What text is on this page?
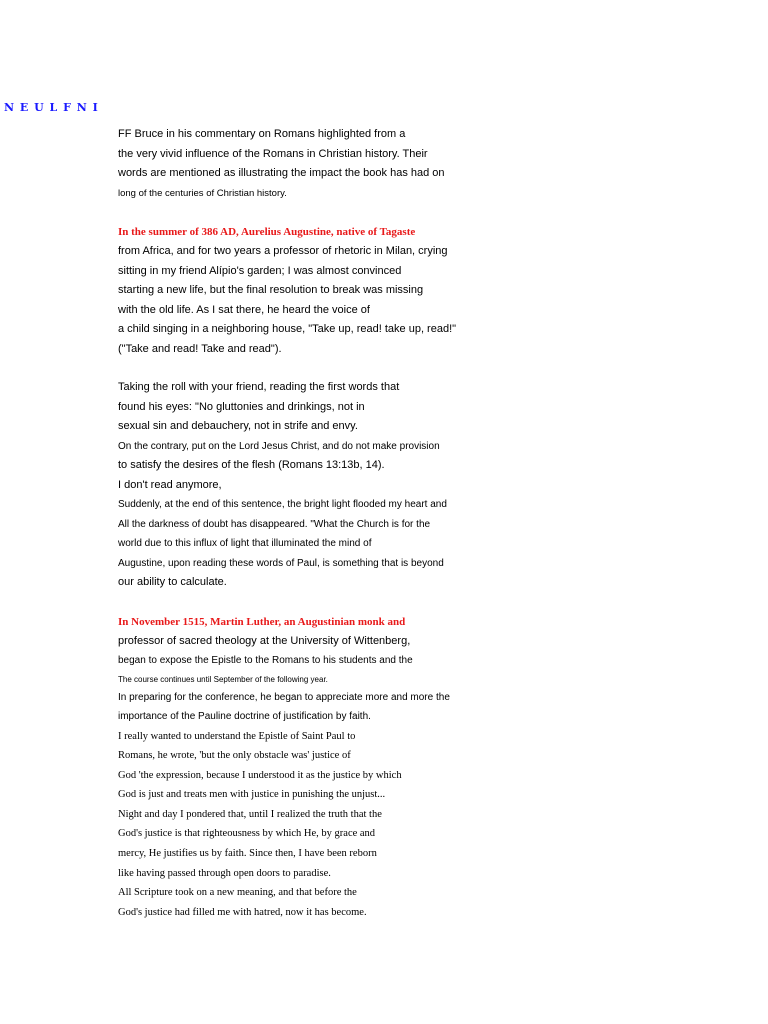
N E U L F N I
FF Bruce in his commentary on Romans highlighted from a
the very vivid influence of the Romans in Christian history. Their
words are mentioned as illustrating the impact the book has had on
long of the centuries of Christian history.
In the summer of 386 AD, Aurelius Augustine, native of Tagaste
from Africa, and for two years a professor of rhetoric in Milan, crying
sitting in my friend Alípio's garden; I was almost convinced
starting a new life, but the final resolution to break was missing
with the old life. As I sat there, he heard the voice of
a child singing in a neighboring house, "Take up, read! take up, read!"
("Take and read! Take and read").
Taking the roll with your friend, reading the first words that
found his eyes: "No gluttonies and drinkings, not in
sexual sin and debauchery, not in strife and envy.
On the contrary, put on the Lord Jesus Christ, and do not make provision
to satisfy the desires of the flesh (Romans 13:13b, 14).
I don't read anymore,
Suddenly, at the end of this sentence, the bright light flooded my heart and
All the darkness of doubt has disappeared. "What the Church is for the
world due to this influx of light that illuminated the mind of
Augustine, upon reading these words of Paul, is something that is beyond
our ability to calculate.
In November 1515, Martin Luther, an Augustinian monk and
professor of sacred theology at the University of Wittenberg,
began to expose the Epistle to the Romans to his students and the
The course continues until September of the following year.
In preparing for the conference, he began to appreciate more and more the
importance of the Pauline doctrine of justification by faith.
I really wanted to understand the Epistle of Saint Paul to
Romans, he wrote, 'but the only obstacle was' justice of
God 'the expression, because I understood it as the justice by which
God is just and treats men with justice in punishing the unjust...
Night and day I pondered that, until I realized the truth that the
God's justice is that righteousness by which He, by grace and
mercy, He justifies us by faith. Since then, I have been reborn
like having passed through open doors to paradise.
All Scripture took on a new meaning, and that before the
God's justice had filled me with hatred, now it has become.
